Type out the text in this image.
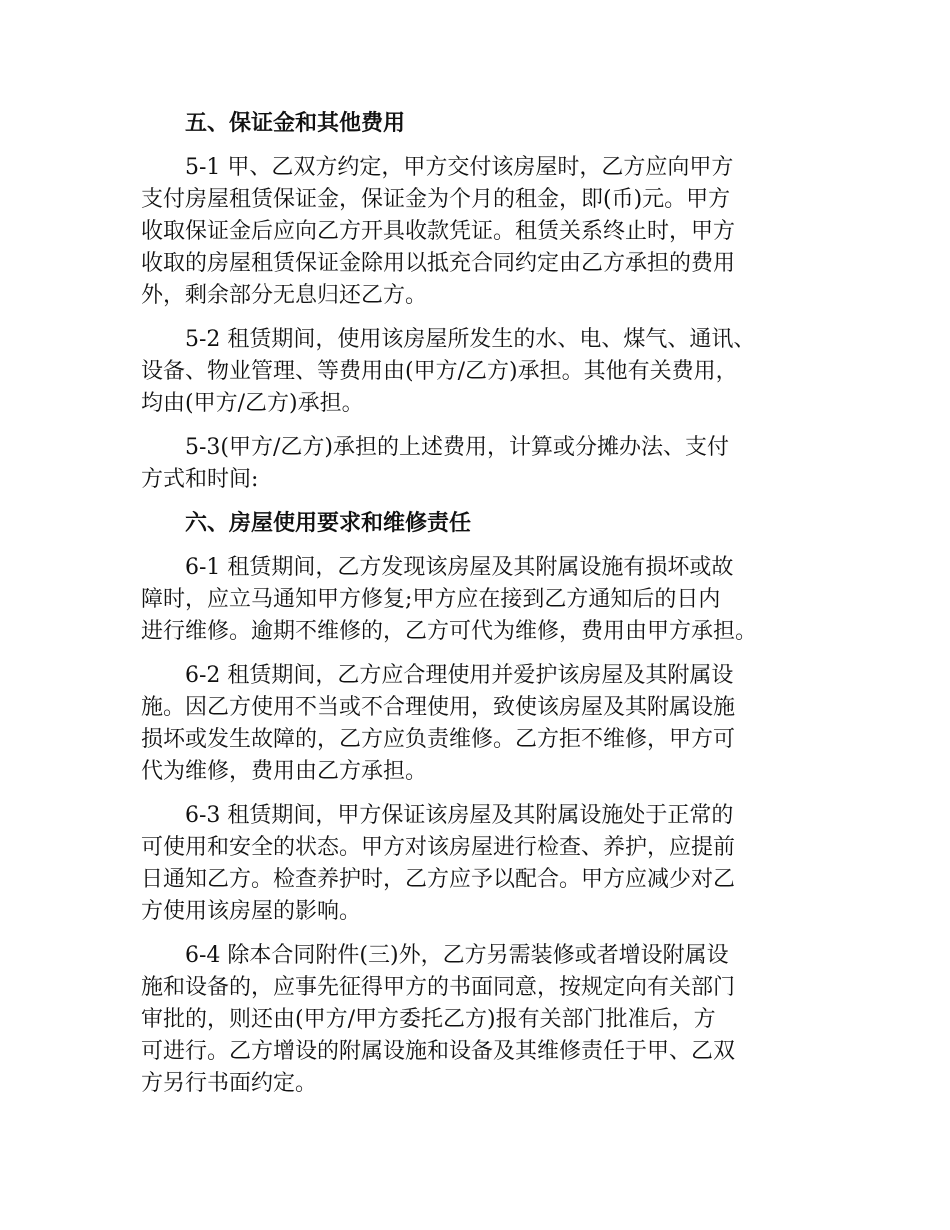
五、保证金和其他费用
5-1 甲、乙双方约定，甲方交付该房屋时，乙方应向甲方
支付房屋租赁保证金，保证金为个月的租金，即(币)元。甲方
收取保证金后应向乙方开具收款凭证。租赁关系终止时，甲方
收取的房屋租赁保证金除用以抵充合同约定由乙方承担的费用
外，剩余部分无息归还乙方。
5-2 租赁期间，使用该房屋所发生的水、电、煤气、通讯、
设备、物业管理、等费用由(甲方/乙方)承担。其他有关费用，
均由(甲方/乙方)承担。
5-3(甲方/乙方)承担的上述费用，计算或分摊办法、支付
方式和时间:
六、房屋使用要求和维修责任
6-1 租赁期间，乙方发现该房屋及其附属设施有损坏或故
障时，应立马通知甲方修复;甲方应在接到乙方通知后的日内
进行维修。逾期不维修的，乙方可代为维修，费用由甲方承担。
6-2 租赁期间，乙方应合理使用并爱护该房屋及其附属设
施。因乙方使用不当或不合理使用，致使该房屋及其附属设施
损坏或发生故障的，乙方应负责维修。乙方拒不维修，甲方可
代为维修，费用由乙方承担。
6-3 租赁期间，甲方保证该房屋及其附属设施处于正常的
可使用和安全的状态。甲方对该房屋进行检查、养护，应提前
日通知乙方。检查养护时，乙方应予以配合。甲方应减少对乙
方使用该房屋的影响。
6-4 除本合同附件(三)外，乙方另需装修或者增设附属设
施和设备的，应事先征得甲方的书面同意，按规定向有关部门
审批的，则还由(甲方/甲方委托乙方)报有关部门批准后，方
可进行。乙方增设的附属设施和设备及其维修责任于甲、乙双
方另行书面约定。
